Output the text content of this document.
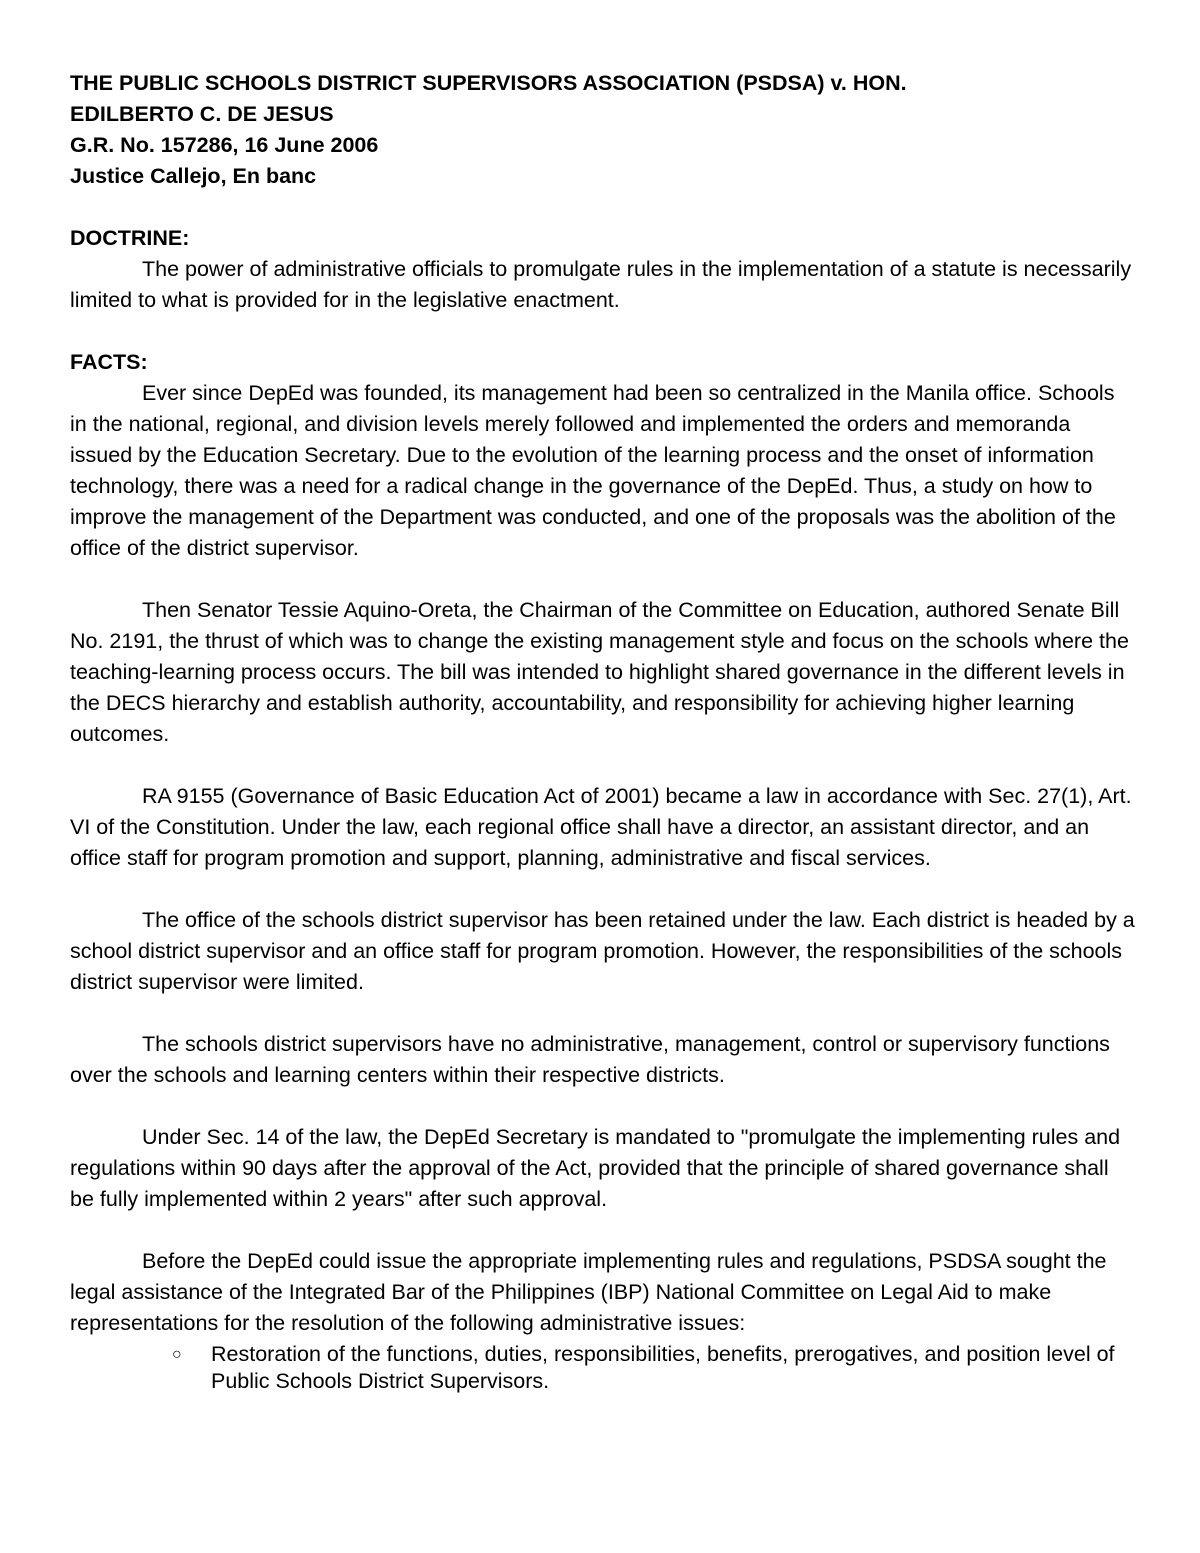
THE PUBLIC SCHOOLS DISTRICT SUPERVISORS ASSOCIATION (PSDSA) v. HON.

EDILBERTO C. DE JESUS

G.R. No. 157286, 16 June 2006

Justice Callejo, En banc

DOCTRINE:

The power of administrative officials to promulgate rules in the implementation of a statute is necessarily limited to what is provided for in the legislative enactment.

FACTS:

Ever since DepEd was founded, its management had been so centralized in the Manila office. Schools in the national, regional, and division levels merely followed and implemented the orders and memoranda issued by the Education Secretary. Due to the evolution of the learning process and the onset of information technology, there was a need for a radical change in the governance of the DepEd. Thus, a study on how to improve the management of the Department was conducted, and one of the proposals was the abolition of the office of the district supervisor.

Then Senator Tessie Aquino-Oreta, the Chairman of the Committee on Education, authored Senate Bill No. 2191, the thrust of which was to change the existing management style and focus on the schools where the teaching-learning process occurs. The bill was intended to highlight shared governance in the different levels in the DECS hierarchy and establish authority, accountability, and responsibility for achieving higher learning outcomes.

RA 9155 (Governance of Basic Education Act of 2001) became a law in accordance with Sec. 27(1), Art. VI of the Constitution. Under the law, each regional office shall have a director, an assistant director, and an office staff for program promotion and support, planning, administrative and fiscal services.

The office of the schools district supervisor has been retained under the law. Each district is headed by a school district supervisor and an office staff for program promotion. However, the responsibilities of the schools district supervisor were limited.

The schools district supervisors have no administrative, management, control or supervisory functions over the schools and learning centers within their respective districts.

Under Sec. 14 of the law, the DepEd Secretary is mandated to "promulgate the implementing rules and regulations within 90 days after the approval of the Act, provided that the principle of shared governance shall be fully implemented within 2 years" after such approval.

Before the DepEd could issue the appropriate implementing rules and regulations, PSDSA sought the legal assistance of the Integrated Bar of the Philippines (IBP) National Committee on Legal Aid to make representations for the resolution of the following administrative issues:

○ Restoration of the functions, duties, responsibilities, benefits, prerogatives, and position level of Public Schools District Supervisors.
